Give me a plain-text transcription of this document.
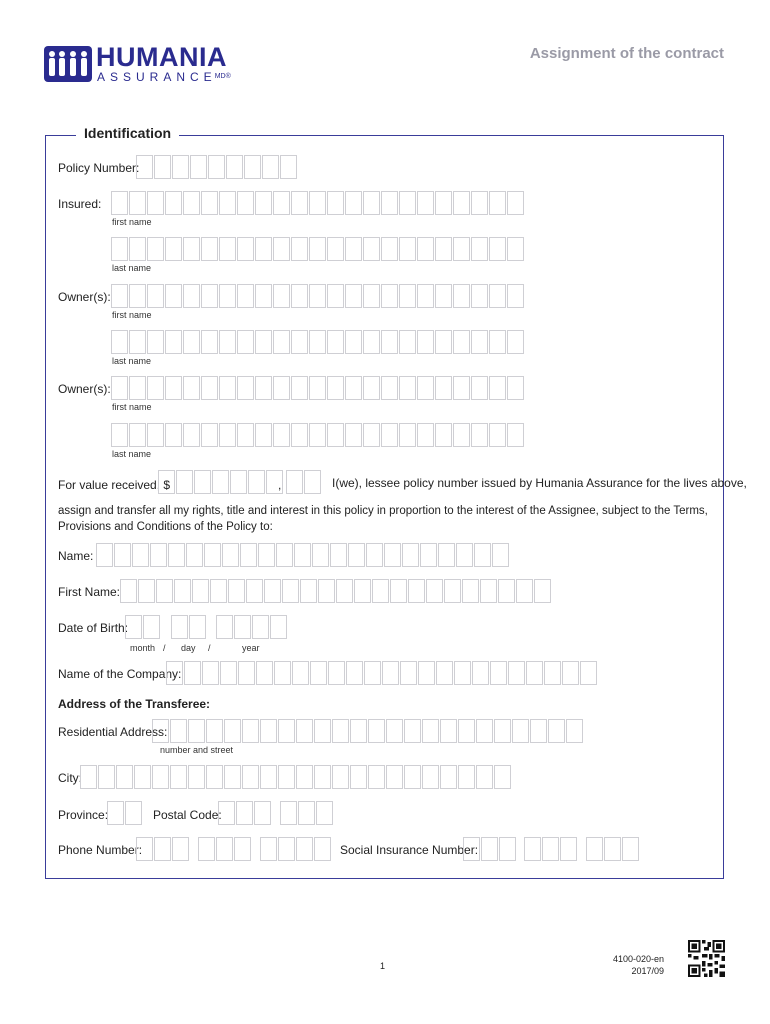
HUMANIA
$ASSURANCE^{MD®}$
Assignment of the contract
Identification
Policy Number:
Insured:
first name
last name
Owner(s):
first name
last name
Owner(s):
first name
last name
For value received, $	,	I(we), lessee policy number issued by Humania Assurance for the lives above,
assign and transfer all my rights, title and interest in this policy in proportion to the interest of the Assignee, subject to the Terms, Provisions and Conditions of the Policy to:
Name:
First Name:
Date of Birth:
month / day /	year
Name of the Company:
Address of the Transferee:
Residential Address:
number and street
City:
Province:	Postal Code:
Phone Number:	Social Insurance Number:
1
4100-020-en
2017/09
